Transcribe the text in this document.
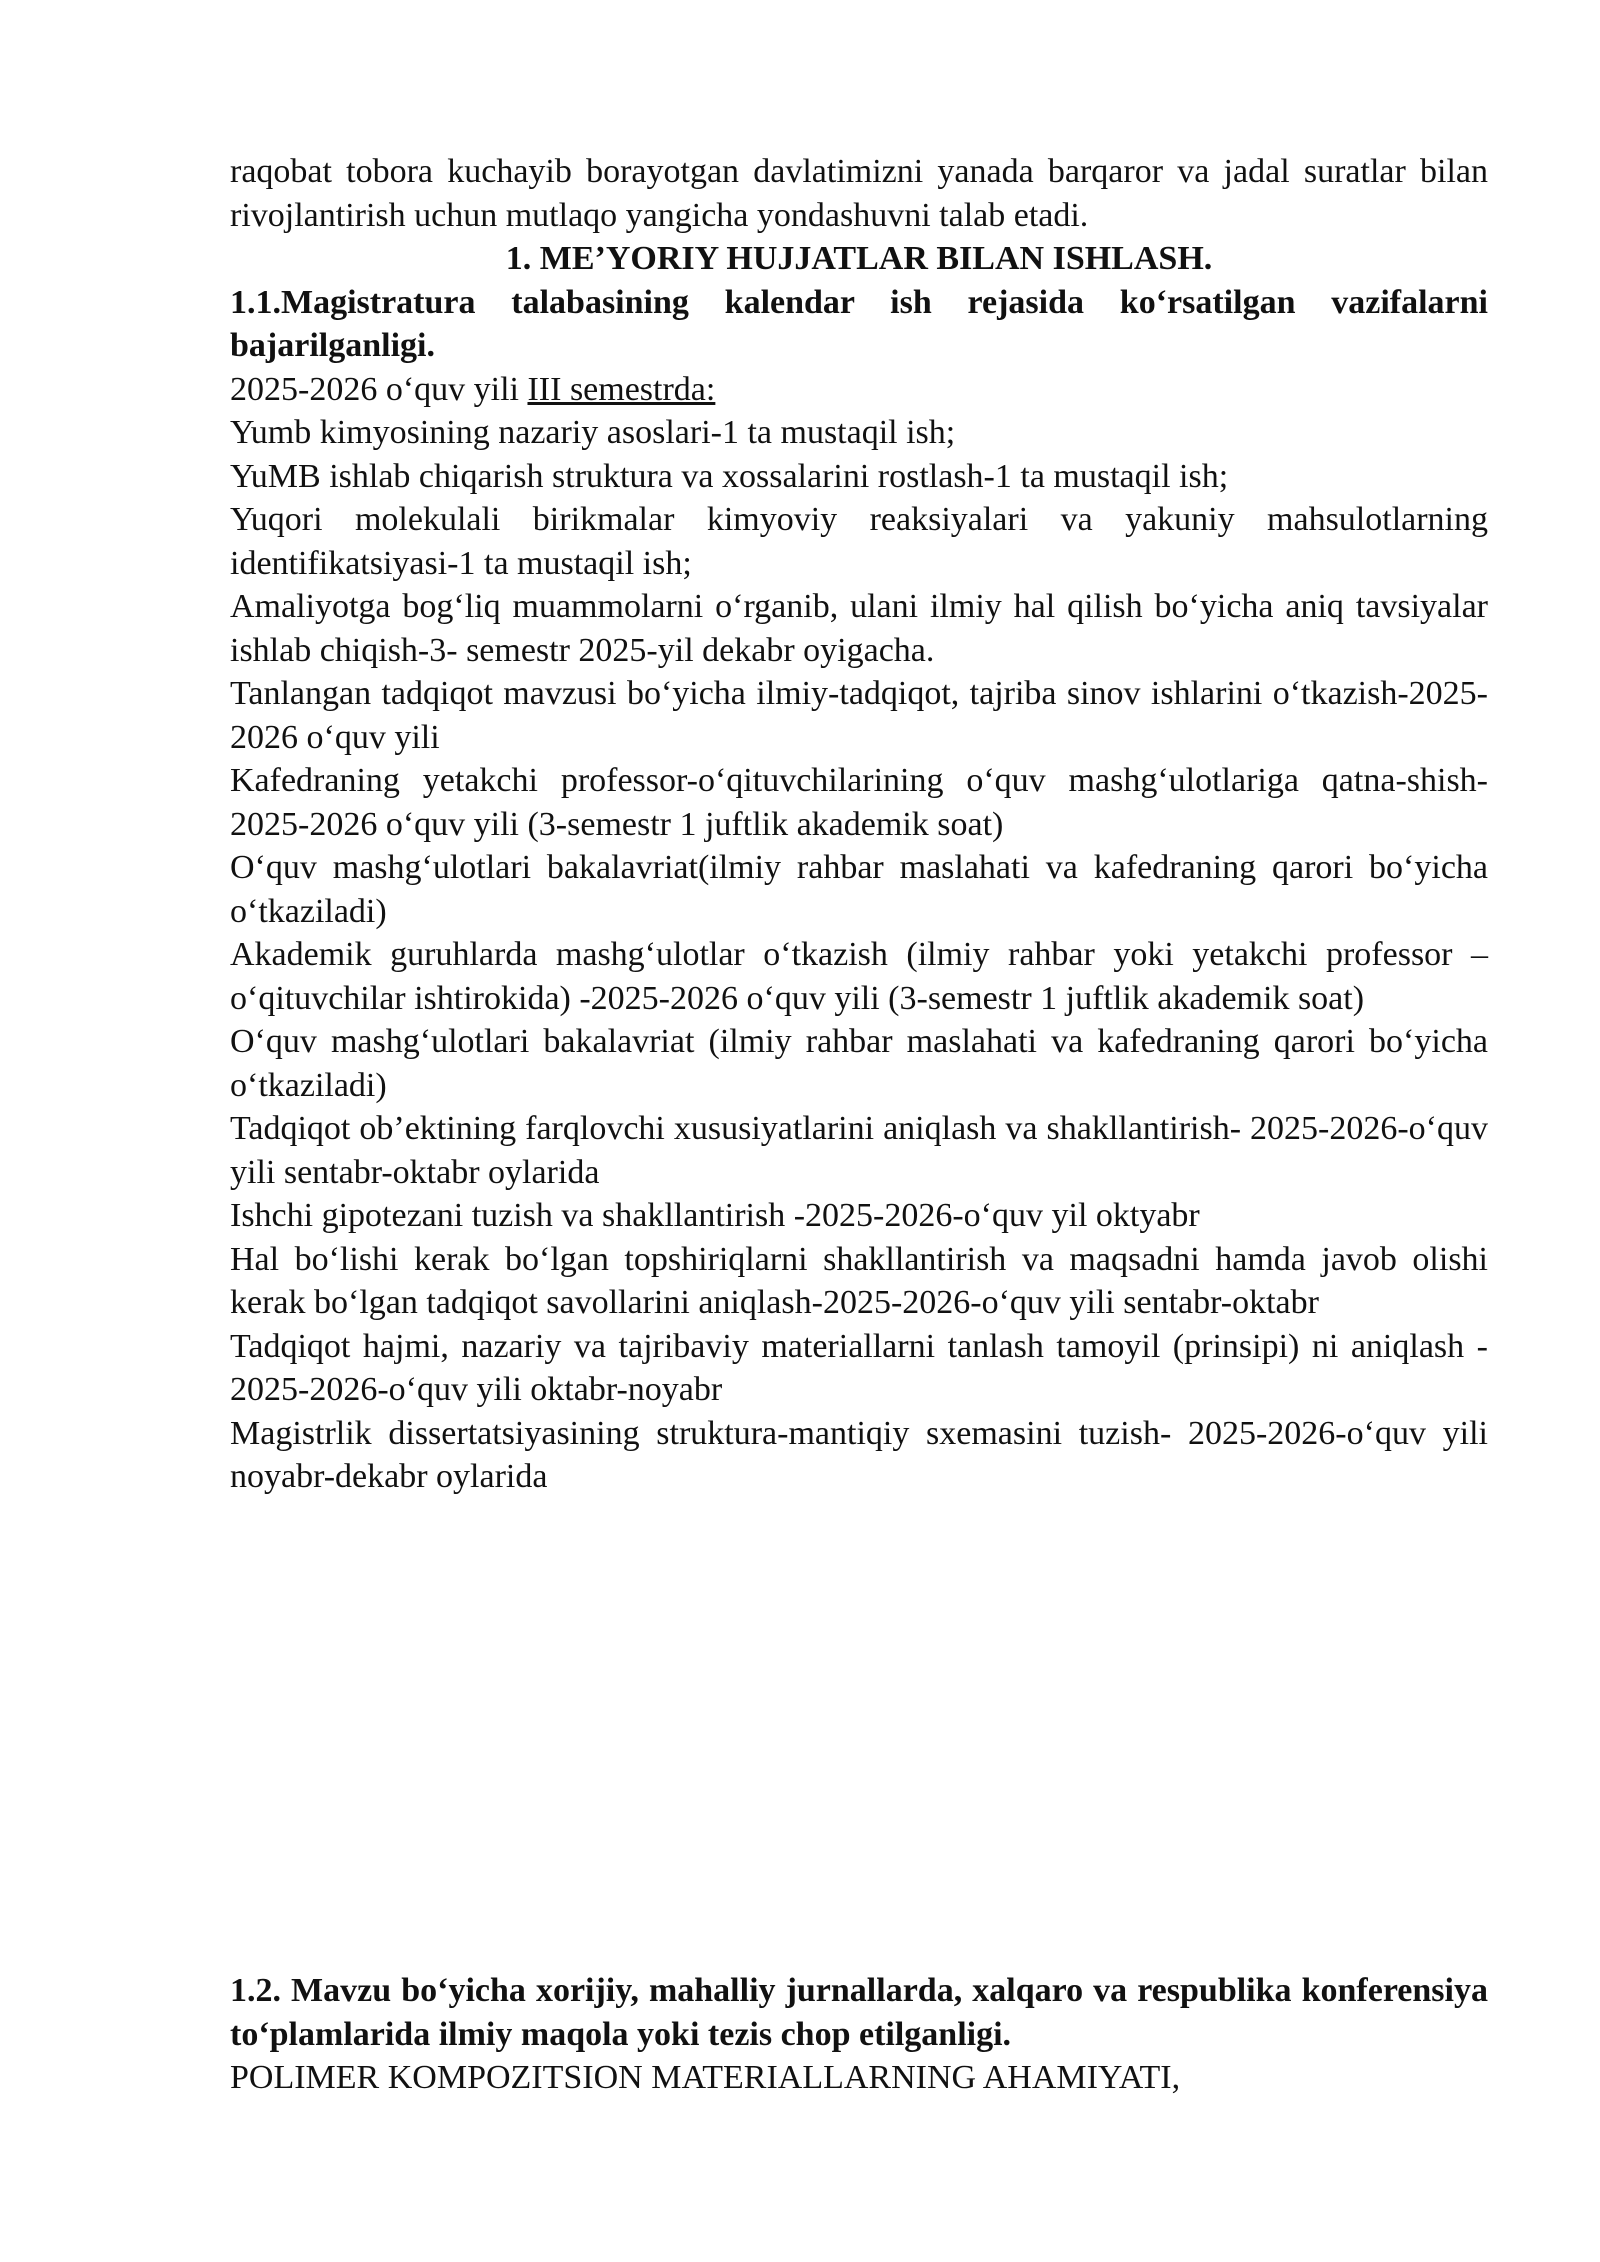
raqobat tobora kuchayib borayotgan davlatimizni yanada barqaror va jadal suratlar bilan rivojlantirish uchun mutlaqo yangicha yondashuvni talab etadi.

1. ME’YORIY HUJJATLAR BILAN ISHLASH.

1.1.Magistratura talabasining kalendar ish rejasida koʻrsatilgan vazifalarni bajarilganligi.

2025-2026 oʻquv yili III semestrda:

Yumb kimyosining nazariy asoslari-1 ta mustaqil ish;

YuMB ishlab chiqarish struktura va xossalarini rostlash-1 ta mustaqil ish;

Yuqori molekulali birikmalar kimyoviy reaksiyalari va yakuniy mahsulotlarning identifikatsiyasi-1 ta mustaqil ish;

Amaliyotga bogʻliq muammolarni oʻrganib, ulani ilmiy hal qilish boʻyicha aniq tavsiyalar ishlab chiqish-3- semestr 2025-yil dekabr oyigacha.

Tanlangan tadqiqot mavzusi boʻyicha ilmiy-tadqiqot, tajriba sinov ishlarini oʻtkazish-2025-2026 oʻquv yili

Kafedraning yetakchi professor-oʻqituvchilarining oʻquv mashgʻulotlariga qatna-shish-2025-2026 oʻquv yili (3-semestr 1 juftlik akademik soat)

Oʻquv mashgʻulotlari bakalavriat(ilmiy rahbar maslahati va kafedraning qarori boʻyicha oʻtkaziladi)

Akademik guruhlarda mashgʻulotlar oʻtkazish (ilmiy rahbar yoki yetakchi professor – oʻqituvchilar ishtirokida) -2025-2026 oʻquv yili (3-semestr 1 juftlik akademik soat)

Oʻquv mashgʻulotlari bakalavriat (ilmiy rahbar maslahati va kafedraning qarori boʻyicha oʻtkaziladi)

Tadqiqot ob’ektining farqlovchi xususiyatlarini aniqlash va shakllantirish- 2025-2026-oʻquv yili sentabr-oktabr oylarida

Ishchi gipotezani tuzish va shakllantirish -2025-2026-oʻquv yil oktyabr

Hal boʻlishi kerak boʻlgan topshiriqlarni shakllantirish va maqsadni hamda javob olishi kerak boʻlgan tadqiqot savollarini aniqlash-2025-2026-oʻquv yili sentabr-oktabr

Tadqiqot hajmi, nazariy va tajribaviy materiallarni tanlash tamoyil (prinsipi) ni aniqlash - 2025-2026-oʻquv yili oktabr-noyabr

Magistrlik dissertatsiyasining struktura-mantiqiy sxemasini tuzish- 2025-2026-oʻquv yili noyabr-dekabr oylarida

1.2. Mavzu boʻyicha xorijiy, mahalliy jurnallarda, xalqaro va respublika konferensiya toʻplamlarida ilmiy maqola yoki tezis chop etilganligi.

POLIMER KOMPOZITSION MATERIALLARNING AHAMIYATI,
